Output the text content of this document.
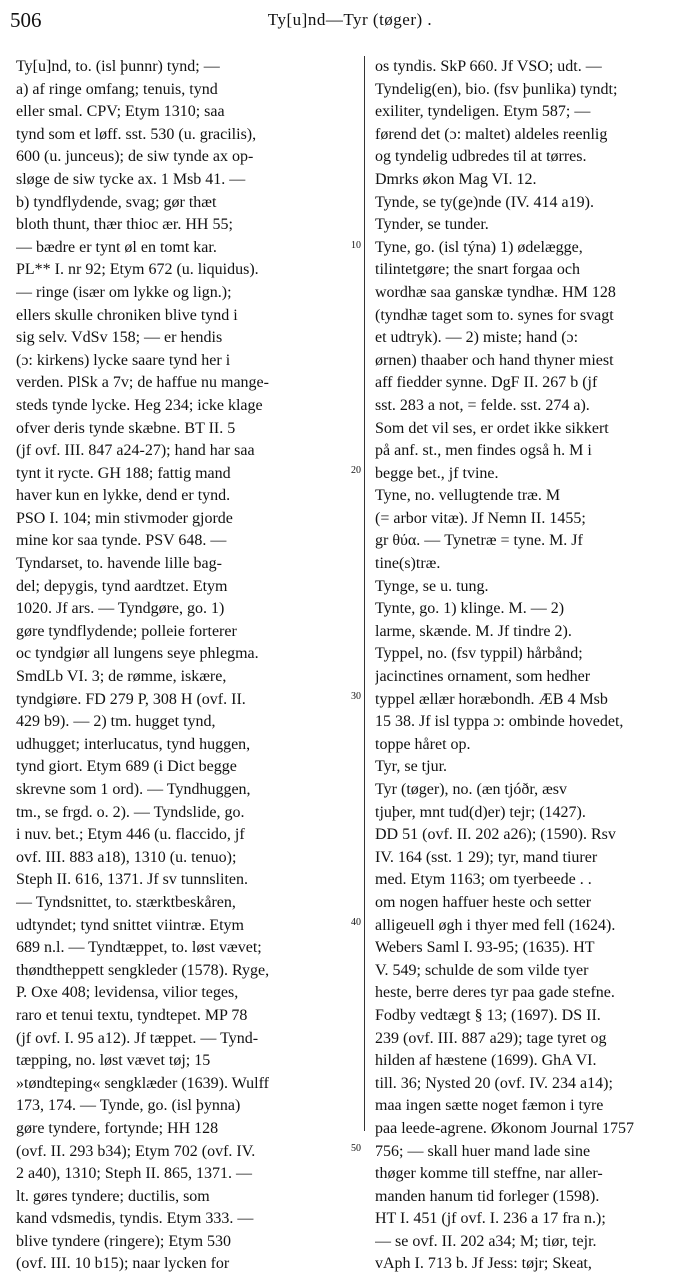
506	Ty[u]nd—Tyr (tøger) .
10
20
30
40
50

Ty[u]nd, to. (isl þunnr) tynd; —

a) af ringe omfang; tenuis, tynd

eller smal. CPV; Etym 1310; saa

tynd som et løff. sst. 530 (u. gracilis),

600 (u. junceus); de siw tynde ax op-

sløge de siw tycke ax. 1 Msb 41. —

b) tyndflydende, svag; gør thæt

bloth thunt, thær thioc ær. HH 55;

— bædre er tynt øl en tomt kar.

PL** I. nr 92; Etym 672 (u. liquidus).

— ringe (især om lykke og lign.);

ellers skulle chroniken blive tynd i

sig selv. VdSv 158; — er hendis

(ɔ: kirkens) lycke saare tynd her i

verden. PlSk a 7v; de haffue nu mange-

steds tynde lycke. Heg 234; icke klage

ofver deris tynde skæbne. BT II. 5

(jf ovf. III. 847 a24-27); hand har saa

tynt it rycte. GH 188; fattig mand

haver kun en lykke, dend er tynd.

PSO I. 104; min stivmoder gjorde

mine kor saa tynde. PSV 648. —

Tyndarset, to. havende lille bag-

del; depygis, tynd aardtzet. Etym

1020. Jf ars. — Tyndgøre, go. 1)

gøre tyndflydende; polleie forterer

oc tyndgiør all lungens seye phlegma.

SmdLb VI. 3; de rømme, iskære,

tyndgiøre. FD 279 P, 308 H (ovf. II.

429 b9). — 2) tm. hugget tynd,

udhugget; interlucatus, tynd huggen,

tynd giort. Etym 689 (i Dict begge

skrevne som 1 ord). — Tyndhuggen,

tm., se frgd. o. 2). — Tyndslide, go.

i nuv. bet.; Etym 446 (u. flaccido, jf

ovf. III. 883 a18), 1310 (u. tenuo);

Steph II. 616, 1371. Jf sv tunnsliten.

— Tyndsnittet, to. stærktbeskåren,

udtyndet; tynd snittet viintræ. Etym

689 n.l. — Tyndtæppet, to. løst vævet;

thøndtheppett sengkleder (1578). Ryge,

P. Oxe 408; levidensa, vilior teges,

raro et tenui textu, tyndtepet. MP 78

(jf ovf. I. 95 a12). Jf tæppet. — Tynd-

tæpping, no. løst vævet tøj; 15

»tøndteping« sengklæder (1639). Wulff

173, 174. — Tynde, go. (isl þynna)

gøre tyndere, fortynde; HH 128

(ovf. II. 293 b34); Etym 702 (ovf. IV.

2 a40), 1310; Steph II. 865, 1371. —

lt. gøres tyndere; ductilis, som

kand vdsmedis, tyndis. Etym 333. —

blive tyndere (ringere); Etym 530

(ovf. III. 10 b15); naar lycken for

os tyndis. SkP 660. Jf VSO; udt. —

Tyndelig(en), bio. (fsv þunlika) tyndt;

exiliter, tyndeligen. Etym 587; —

førend det (ɔ: maltet) aldeles reenlig

og tyndelig udbredes til at tørres.

Dmrks økon Mag VI. 12.

Tynde, se ty(ge)nde (IV. 414 a19).

Tynder, se tunder.

Tyne, go. (isl týna) 1) ødelægge,

tilintetgøre; the snart forgaa och

wordhæ saa ganskæ tyndhæ. HM 128

(tyndhæ taget som to. synes for svagt

et udtryk). — 2) miste; hand (ɔ:

ørnen) thaaber och hand thyner miest

aff fiedder synne. DgF II. 267 b (jf

sst. 283 a not, = felde. sst. 274 a).

Som det vil ses, er ordet ikke sikkert

på anf. st., men findes også h. M i

begge bet., jf tvine.

Tyne, no. vellugtende træ. M

(= arbor vitæ). Jf Nemn II. 1455;

gr θύα. — Tynetræ = tyne. M. Jf

tine(s)træ.

Tynge, se u. tung.

Tynte, go. 1) klinge. M. — 2)

larme, skænde. M. Jf tindre 2).

Typpel, no. (fsv typpil) hårbånd;

jacinctines ornament, som hedher

typpel ællær horæbondh. ÆB 4 Msb

15 38. Jf isl typpa ɔ: ombinde hovedet,

toppe håret op.

Tyr, se tjur.

Tyr (tøger), no. (æn tjóðr, æsv

tjuþer, mnt tud(d)er) tejr; (1427).

DD 51 (ovf. II. 202 a26); (1590). Rsv

IV. 164 (sst. 1 29); tyr, mand tiurer

med. Etym 1163; om tyerbeede . .

om nogen haffuer heste och setter

alligeuell øgh i thyer med fell (1624).

Webers Saml I. 93-95; (1635). HT

V. 549; schulde de som vilde tyer

heste, berre deres tyr paa gade stefne.

Fodby vedtægt § 13; (1697). DS II.

239 (ovf. III. 887 a29); tage tyret og

hilden af hæstene (1699). GhA VI.

till. 36; Nysted 20 (ovf. IV. 234 a14);

maa ingen sætte noget fæmon i tyre

paa leede-agrene. Økonom Journal 1757

756; — skall huer mand lade sine

thøger komme till steffne, nar aller-

manden hanum tid forleger (1598).

HT I. 451 (jf ovf. I. 236 a 17 fra n.);

— se ovf. II. 202 a34; M; tiør, tejr.

vAph I. 713 b. Jf Jess: tøjr; Skeat,
